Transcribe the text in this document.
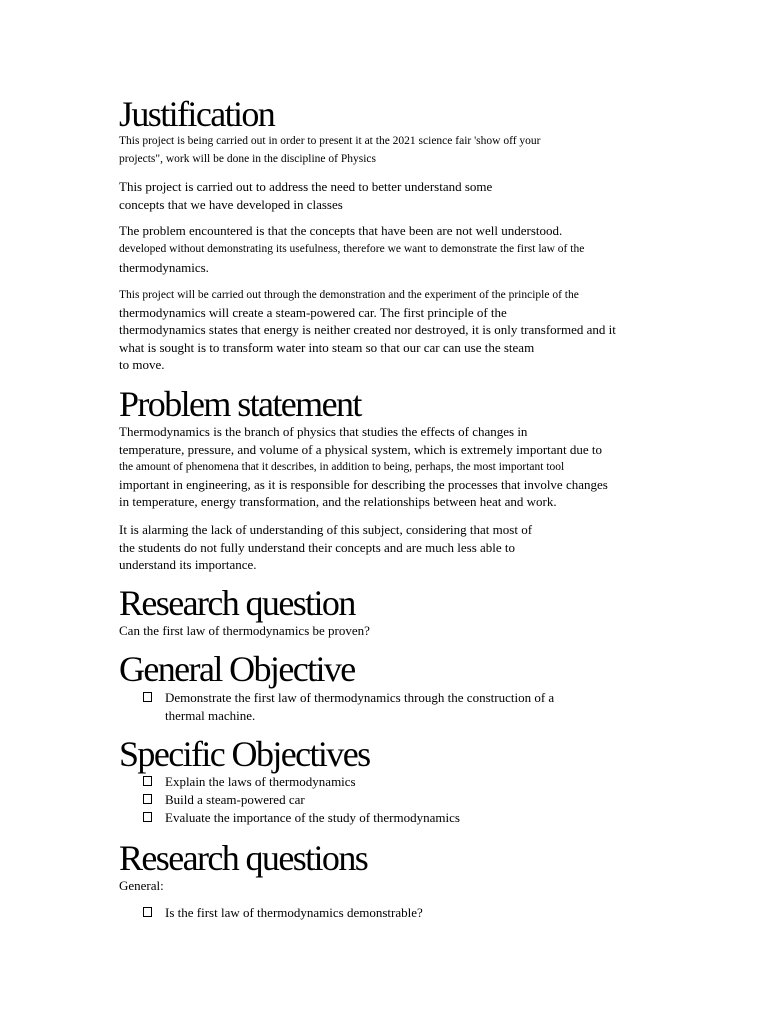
Justification
This project is being carried out in order to present it at the 2021 science fair 'show off your
projects", work will be done in the discipline of Physics
This project is carried out to address the need to better understand some
concepts that we have developed in classes
The problem encountered is that the concepts that have been are not well understood.
developed without demonstrating its usefulness, therefore we want to demonstrate the first law of the
thermodynamics.
This project will be carried out through the demonstration and the experiment of the principle of the
thermodynamics will create a steam-powered car. The first principle of the
thermodynamics states that energy is neither created nor destroyed, it is only transformed and it
what is sought is to transform water into steam so that our car can use the steam
to move.
Problem statement
Thermodynamics is the branch of physics that studies the effects of changes in
temperature, pressure, and volume of a physical system, which is extremely important due to
the amount of phenomena that it describes, in addition to being, perhaps, the most important tool
important in engineering, as it is responsible for describing the processes that involve changes
in temperature, energy transformation, and the relationships between heat and work.
It is alarming the lack of understanding of this subject, considering that most of
the students do not fully understand their concepts and are much less able to
understand its importance.
Research question
Can the first law of thermodynamics be proven?
General Objective
Demonstrate the first law of thermodynamics through the construction of a
thermal machine.
Specific Objectives
Explain the laws of thermodynamics
Build a steam-powered car
Evaluate the importance of the study of thermodynamics
Research questions
General:
Is the first law of thermodynamics demonstrable?
